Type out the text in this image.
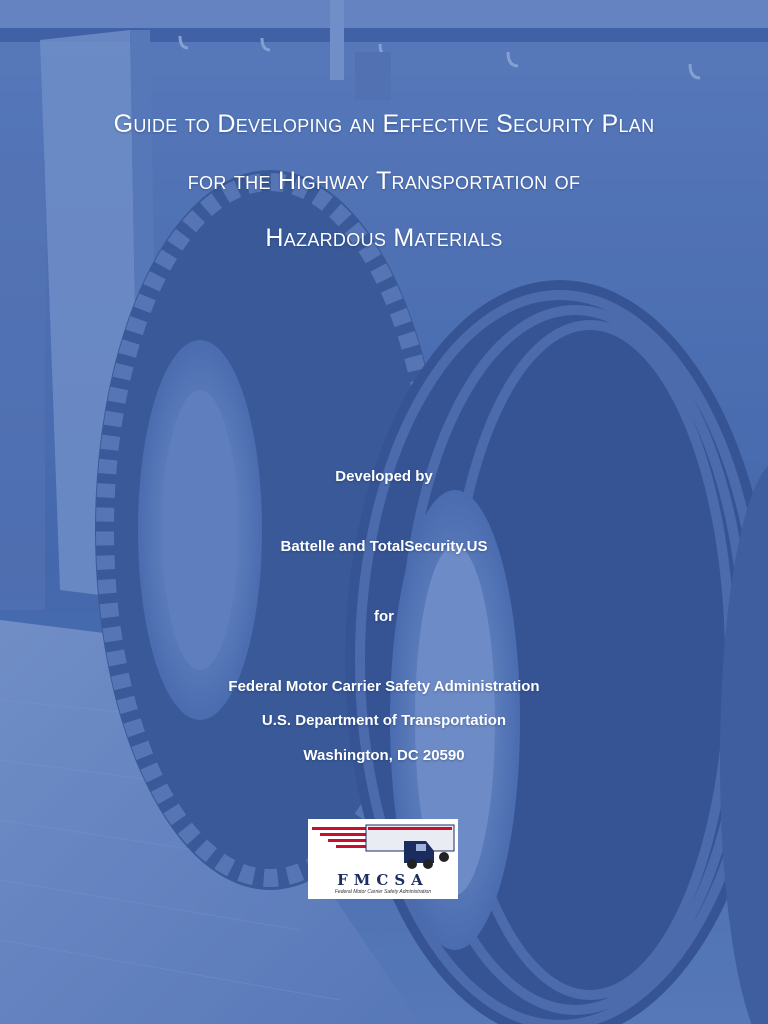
Guide to Developing an Effective Security Plan
for the Highway Transportation of
Hazardous Materials
Developed by
Battelle and TotalSecurity.US
for
Federal Motor Carrier Safety Administration
U.S. Department of Transportation
Washington, DC 20590
FMCSA
Federal Motor Carrier Safety Administration
